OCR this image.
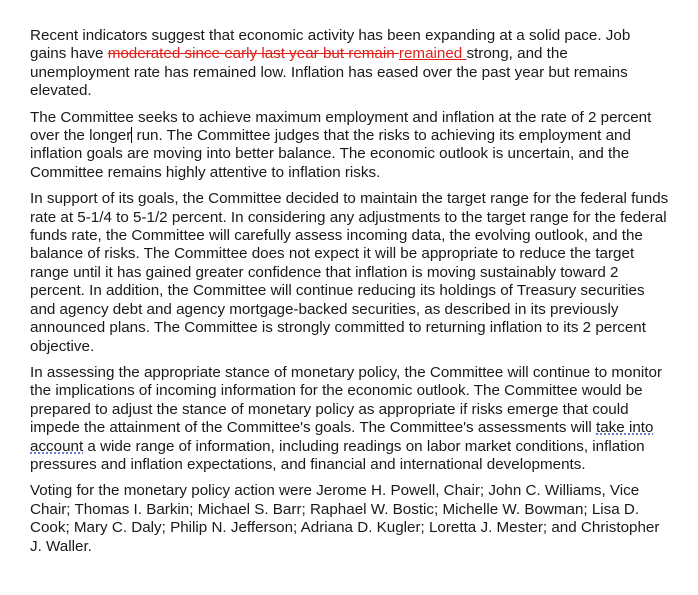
Recent indicators suggest that economic activity has been expanding at a solid pace. Job gains have moderated since early last year but remain remained strong, and the unemployment rate has remained low. Inflation has eased over the past year but remains elevated.

The Committee seeks to achieve maximum employment and inflation at the rate of 2 percent over the longer run. The Committee judges that the risks to achieving its employment and inflation goals are moving into better balance. The economic outlook is uncertain, and the Committee remains highly attentive to inflation risks.

In support of its goals, the Committee decided to maintain the target range for the federal funds rate at 5-1/4 to 5-1/2 percent. In considering any adjustments to the target range for the federal funds rate, the Committee will carefully assess incoming data, the evolving outlook, and the balance of risks. The Committee does not expect it will be appropriate to reduce the target range until it has gained greater confidence that inflation is moving sustainably toward 2 percent. In addition, the Committee will continue reducing its holdings of Treasury securities and agency debt and agency mortgage-backed securities, as described in its previously announced plans. The Committee is strongly committed to returning inflation to its 2 percent objective.

In assessing the appropriate stance of monetary policy, the Committee will continue to monitor the implications of incoming information for the economic outlook. The Committee would be prepared to adjust the stance of monetary policy as appropriate if risks emerge that could impede the attainment of the Committee's goals. The Committee's assessments will take into account a wide range of information, including readings on labor market conditions, inflation pressures and inflation expectations, and financial and international developments.

Voting for the monetary policy action were Jerome H. Powell, Chair; John C. Williams, Vice Chair; Thomas I. Barkin; Michael S. Barr; Raphael W. Bostic; Michelle W. Bowman; Lisa D. Cook; Mary C. Daly; Philip N. Jefferson; Adriana D. Kugler; Loretta J. Mester; and Christopher J. Waller.
